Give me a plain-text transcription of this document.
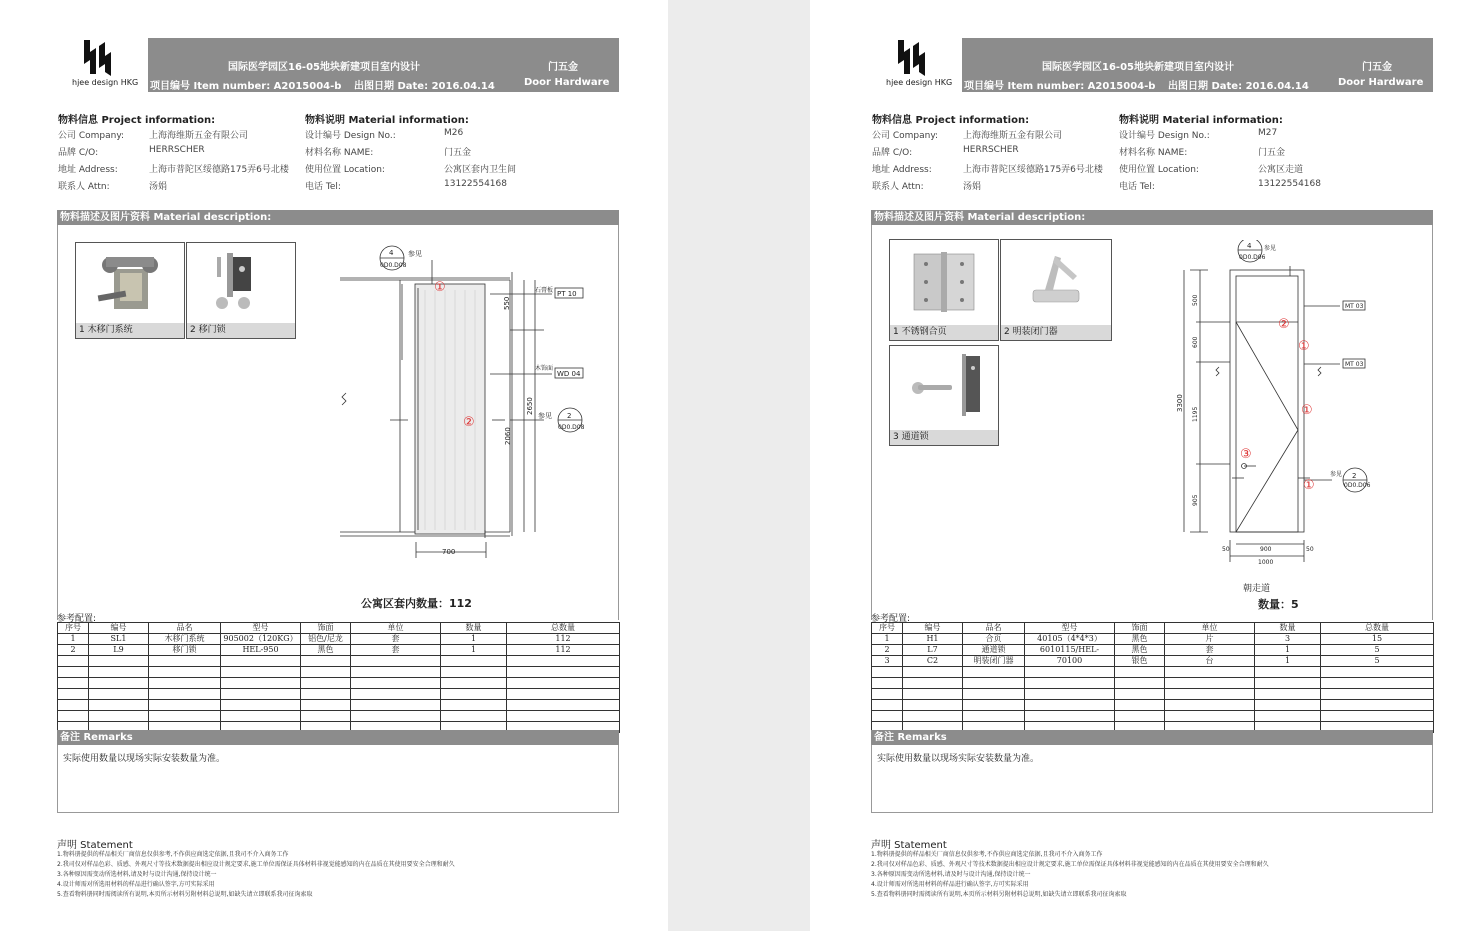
hjee design HKG
国际医学园区16-05地块新建项目室内设计	门五金
项目编号 Item number: A2015004-b 出图日期 Date: 2016.04.14	Door Hardware
物料信息 Project information:	物料说明 Material information:
公司 Company:	上海海维斯五金有限公司
品牌 C/O:	HERRSCHER
地址 Address:	上海市普陀区绥德路175弄6号北楼
联系人 Attn:	汤娟
设计编号 Design No.:	M26
材料名称 NAME:	门五金
使用位置 Location:	公寓区套内卫生间
电话 Tel:	13122554168
物料描述及图片资料 Material description:
1 木移门系统	2 移门锁
4
0D0.D08
参见
PT 10
WD 04
参见
石膏板
木饰面
2
0D0.D08
550
2650
2060
700
①
②
公寓区套内数量：112
参考配置:
序号	编号	品名	型号	饰面	单位	数量	总数量
1	SL1	木移门系统	905002（120KG）	铝色/尼龙	套	1	112
2	L9	移门锁	HEL-950	黑色	套	1	112

备注 Remarks
实际使用数量以现场实际安装数量为准。
声明 Statement
1.物料册提供的样品相关厂商信息仅供参考,不作供应商选定依据,且我司不介入商务工作
2.我司仅对样品色彩、质感、外观尺寸等技术数据提出相应设计规定要求,施工单位需保证具体材料非视觉能感知的内在品质在其使用要安全合理和耐久
3.各种原因需变动所选材料,请及时与设计沟通,保持设计统一
4.设计师需对所选用材料的样品进行确认签字,方可实际采用
5.查看物料册同时需阅读所有说明,本页所示材料另附材料总说明,如缺失请立即联系我司征询索取
hjee design HKG
国际医学园区16-05地块新建项目室内设计	门五金
项目编号 Item number: A2015004-b 出图日期 Date: 2016.04.14	Door Hardware
物料信息 Project information:	物料说明 Material information:
公司 Company:	上海海维斯五金有限公司
品牌 C/O:	HERRSCHER
地址 Address:	上海市普陀区绥德路175弄6号北楼
联系人 Attn:	汤娟
设计编号 Design No.:	M27
材料名称 NAME:	门五金
使用位置 Location:	公寓区走道
电话 Tel:	13122554168
物料描述及图片资料 Material description:
1 不锈钢合页	2 明装闭门器
3 通道锁
4
0D0.D06
参见
MT 03
MT 03
参见 2
0D0.D06
500
600
1195
905
3300
900
1000
50	50
②
①
①
③
①
朝走道
数量：5
参考配置:
序号	编号	品名	型号	饰面	单位	数量	总数量
1	H1	合页	40105（4*4*3）	黑色	片	3	15
2	L7	通道锁	6010115/HEL-	黑色	套	1	5
3	C2	明装闭门器	70100	银色	台	1	5

备注 Remarks
实际使用数量以现场实际安装数量为准。
声明 Statement
1.物料册提供的样品相关厂商信息仅供参考,不作供应商选定依据,且我司不介入商务工作
2.我司仅对样品色彩、质感、外观尺寸等技术数据提出相应设计规定要求,施工单位需保证具体材料非视觉能感知的内在品质在其使用要安全合理和耐久
3.各种原因需变动所选材料,请及时与设计沟通,保持设计统一
4.设计师需对所选用材料的样品进行确认签字,方可实际采用
5.查看物料册同时需阅读所有说明,本页所示材料另附材料总说明,如缺失请立即联系我司征询索取
